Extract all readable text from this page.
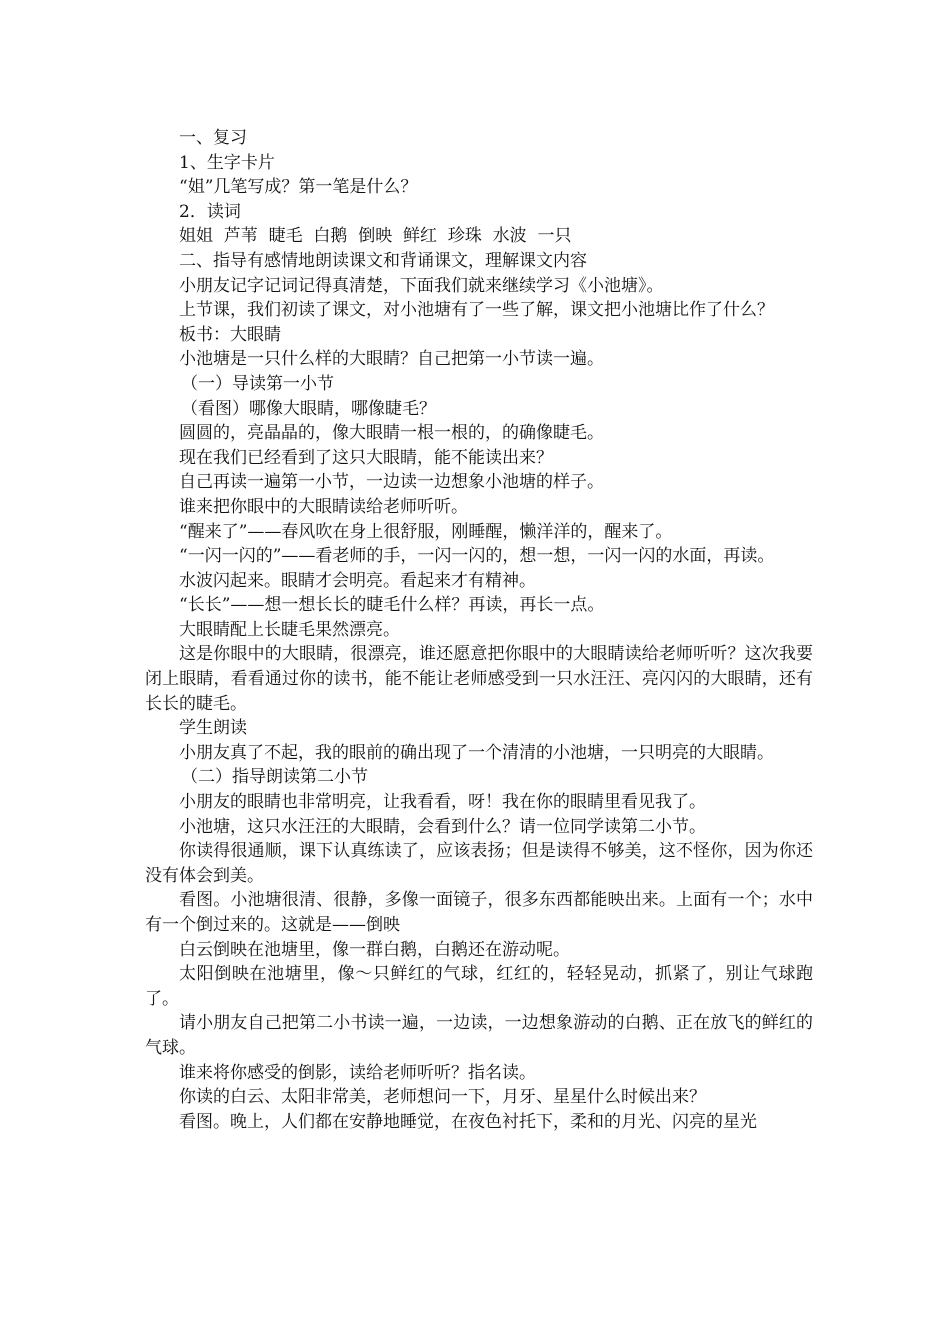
一、复习

1、生字卡片

“姐”几笔写成？第一笔是什么？

2．读词

姐姐  芦苇  睫毛  白鹅  倒映  鲜红  珍珠  水波  一只

二、指导有感情地朗读课文和背诵课文，理解课文内容

小朋友记字记词记得真清楚，下面我们就来继续学习《小池塘》。

上节课，我们初读了课文，对小池塘有了一些了解，课文把小池塘比作了什么？

板书：大眼睛

小池塘是一只什么样的大眼睛？自己把第一小节读一遍。

（一）导读第一小节

（看图）哪像大眼睛，哪像睫毛？

圆圆的，亮晶晶的，像大眼睛一根一根的，的确像睫毛。

现在我们已经看到了这只大眼睛，能不能读出来？

自己再读一遍第一小节，一边读一边想象小池塘的样子。

谁来把你眼中的大眼睛读给老师听听。

“醒来了”——春风吹在身上很舒服，刚睡醒，懒洋洋的，醒来了。

“一闪一闪的”——看老师的手，一闪一闪的，想一想，一闪一闪的水面，再读。

水波闪起来。眼睛才会明亮。看起来才有精神。

“长长”——想一想长长的睫毛什么样？再读，再长一点。

大眼睛配上长睫毛果然漂亮。

这是你眼中的大眼睛，很漂亮，谁还愿意把你眼中的大眼睛读给老师听听？这次我要闭上眼睛，看看通过你的读书，能不能让老师感受到一只水汪汪、亮闪闪的大眼睛，还有长长的睫毛。

学生朗读

小朋友真了不起，我的眼前的确出现了一个清清的小池塘，一只明亮的大眼睛。

（二）指导朗读第二小节

小朋友的眼睛也非常明亮，让我看看，呀！我在你的眼睛里看见我了。

小池塘，这只水汪汪的大眼睛，会看到什么？请一位同学读第二小节。

你读得很通顺，课下认真练读了，应该表扬；但是读得不够美，这不怪你，因为你还没有体会到美。

看图。小池塘很清、很静，多像一面镜子，很多东西都能映出来。上面有一个；水中有一个倒过来的。这就是——倒映

白云倒映在池塘里，像一群白鹅，白鹅还在游动呢。

太阳倒映在池塘里，像～只鲜红的气球，红红的，轻轻晃动，抓紧了，别让气球跑了。

请小朋友自己把第二小书读一遍，一边读，一边想象游动的白鹅、正在放飞的鲜红的气球。

谁来将你感受的倒影，读给老师听听？指名读。

你读的白云、太阳非常美，老师想问一下，月牙、星星什么时候出来？

看图。晚上，人们都在安静地睡觉，在夜色衬托下，柔和的月光、闪亮的星光
